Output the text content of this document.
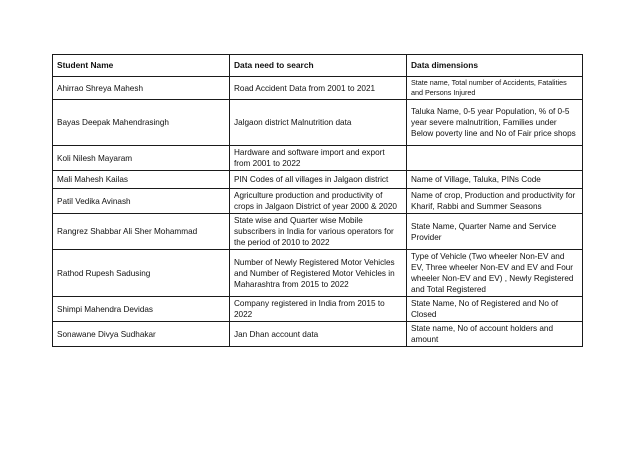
Student Name	Data need to search	Data dimensions
Ahirrao Shreya Mahesh	Road Accident Data from 2001 to 2021	State name, Total number of Accidents, Fatalities and Persons Injured
Bayas Deepak Mahendrasingh	Jalgaon district Malnutrition data	Taluka Name, 0-5 year Population, % of 0-5 year severe malnutrition, Families under Below poverty line and No of Fair price shops
Koli Nilesh Mayaram	Hardware and software import and export from 2001 to 2022	
Mali Mahesh Kailas	PIN Codes of all villages in Jalgaon district	Name of Village, Taluka, PINs Code
Patil Vedika Avinash	Agriculture production and productivity of crops in Jalgaon District of year 2000 & 2020	Name of crop, Production and productivity for Kharif, Rabbi and Summer Seasons
Rangrez Shabbar Ali Sher Mohammad	State wise and Quarter wise Mobile subscribers in India for various operators for the period of 2010 to 2022	State Name, Quarter Name and Service Provider
Rathod Rupesh Sadusing	Number of Newly Registered Motor Vehicles and Number of Registered Motor Vehicles in Maharashtra from 2015 to 2022	Type of Vehicle (Two wheeler Non-EV and EV, Three wheeler Non-EV and EV and Four wheeler Non-EV and EV) , Newly Registered and Total Registered
Shimpi Mahendra Devidas	Company registered in India from 2015 to 2022	State Name, No of Registered and No of Closed
Sonawane Divya Sudhakar	Jan Dhan account data	State name, No of account holders and amount
